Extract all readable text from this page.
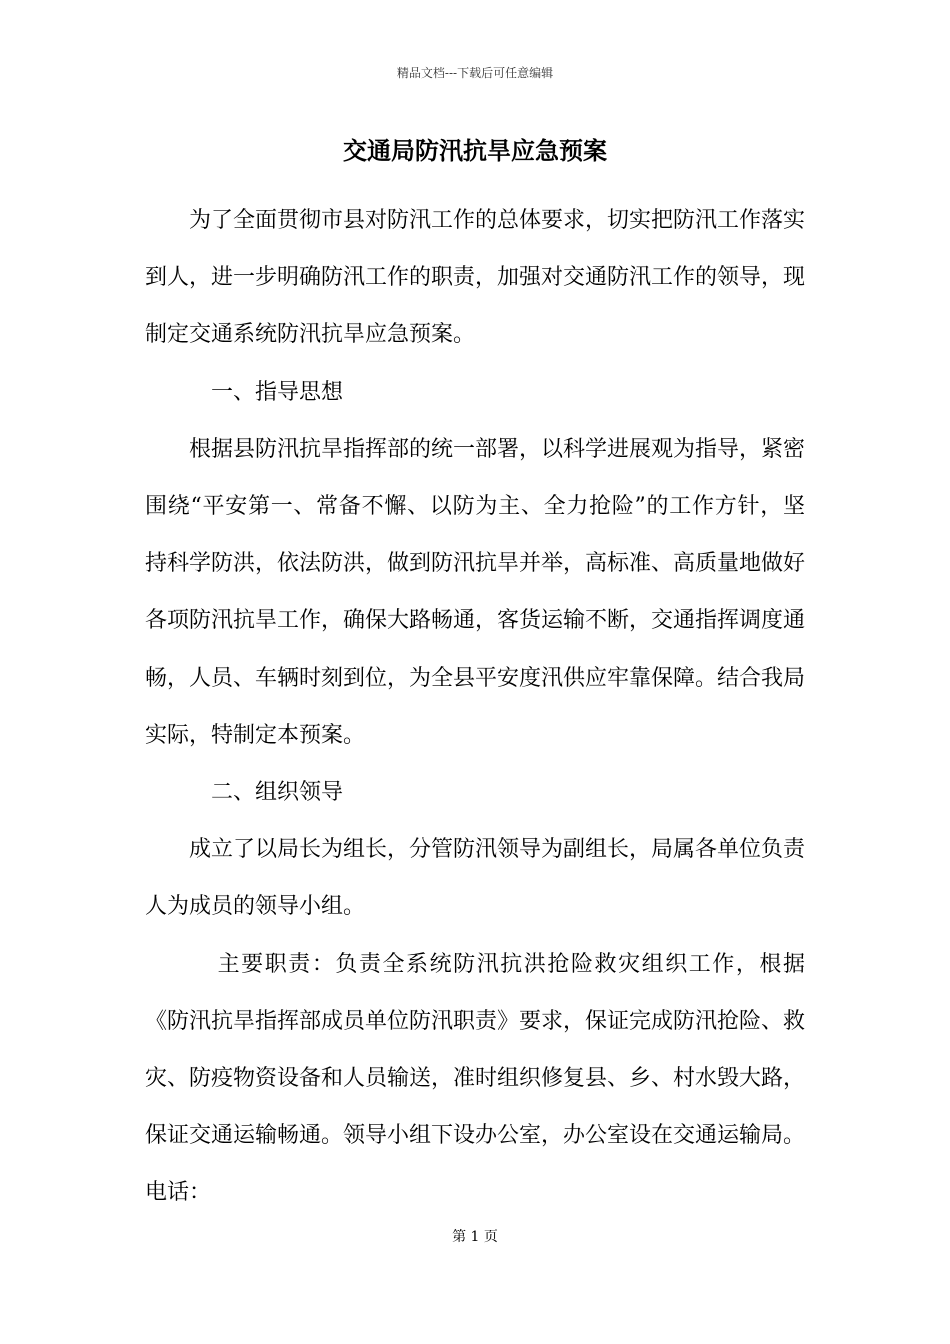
精品文档---下载后可任意编辑
交通局防汛抗旱应急预案

为了全面贯彻市县对防汛工作的总体要求，切实把防汛工作落实到人，进一步明确防汛工作的职责，加强对交通防汛工作的领导，现制定交通系统防汛抗旱应急预案。

一、指导思想

根据县防汛抗旱指挥部的统一部署，以科学进展观为指导，紧密围绕“平安第一、常备不懈、以防为主、全力抢险”的工作方针，坚持科学防洪，依法防洪，做到防汛抗旱并举，高标准、高质量地做好各项防汛抗旱工作，确保大路畅通，客货运输不断，交通指挥调度通畅，人员、车辆时刻到位，为全县平安度汛供应牢靠保障。结合我局实际，特制定本预案。

二、组织领导

成立了以局长为组长，分管防汛领导为副组长，局属各单位负责人为成员的领导小组。

主要职责：负责全系统防汛抗洪抢险救灾组织工作，根据《防汛抗旱指挥部成员单位防汛职责》要求，保证完成防汛抢险、救灾、防疫物资设备和人员输送，准时组织修复县、乡、村水毁大路，保证交通运输畅通。领导小组下设办公室，办公室设在交通运输局。电话：

第 1 页
